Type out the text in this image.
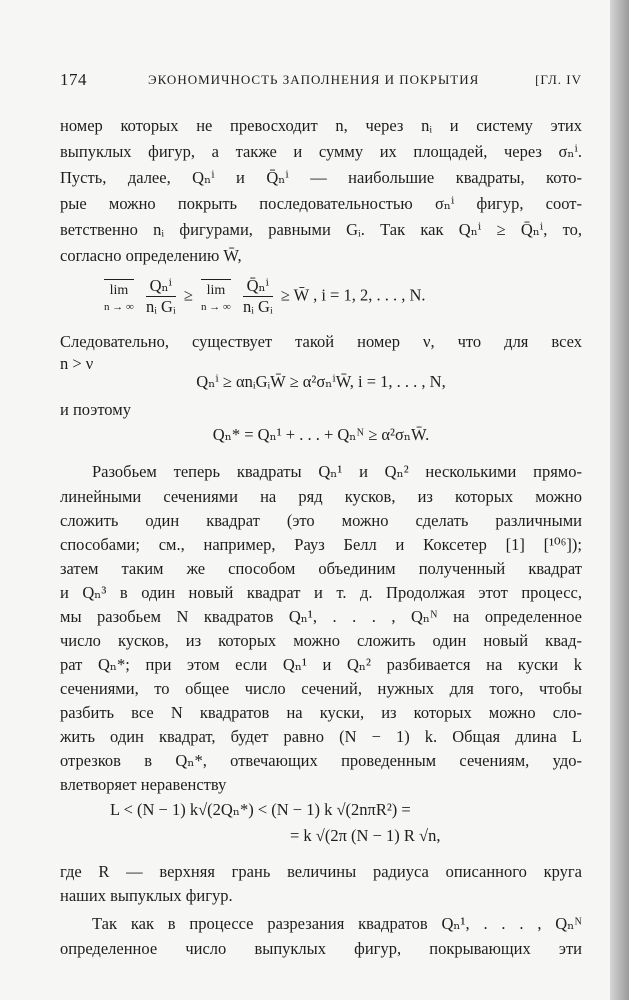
174	ЭКОНОМИЧНОСТЬ ЗАПОЛНЕНИЯ И ПОКРЫТИЯ	[ГЛ. IV
номер которых не превосходит n, через nᵢ и систему этих
выпуклых фигур, а также и сумму их площадей, через σₙⁱ.
Пусть, далее, Qₙⁱ и Q̄ₙⁱ — наибольшие квадраты, кото-
рые можно покрыть последовательностью σₙⁱ фигур, соот-
ветственно nᵢ фигурами, равными Gᵢ. Так как Qₙⁱ ≥ Q̄ₙⁱ, то,
согласно определению W̄,
lim
n → ∞
$\frac{\text{Qₙⁱ}}{\text{nᵢ Gᵢ}} \ge \lim$
n → ∞
$\frac{\text{Q̄ₙⁱ}}{\text{nᵢ Gᵢ}}$ ≥ W̄ , i = 1, 2, . . . , N.
Следовательно, существует такой номер ν, что для всех
n > ν
Qₙⁱ ≥ αnᵢGᵢW̄ ≥ α²σₙⁱW̄, i = 1, . . . , N,
и поэтому
Qₙ* = Qₙ¹ + . . . + Qₙᴺ ≥ α²σₙW̄.
Разобьем теперь квадраты Qₙ¹ и Qₙ² несколькими прямо-
линейными сечениями на ряд кусков, из которых можно
сложить один квадрат (это можно сделать различными
способами; см., например, Рауз Белл и Коксетер [1] [¹⁰⁶]);
затем таким же способом объединим полученный квадрат
и Qₙ³ в один новый квадрат и т. д. Продолжая этот процесс,
мы разобьем N квадратов Qₙ¹, . . . , Qₙᴺ на определенное
число кусков, из которых можно сложить один новый квад-
рат Qₙ*; при этом если Qₙ¹ и Qₙ² разбивается на куски k
сечениями, то общее число сечений, нужных для того, чтобы
разбить все N квадратов на куски, из которых можно сло-
жить один квадрат, будет равно (N − 1) k. Общая длина L
отрезков в Qₙ*, отвечающих проведенным сечениям, удо-
влетворяет неравенству
L < (N − 1) k√(2Qₙ*) < (N − 1) k √(2nπR²) =
= k √(2π (N − 1) R √n,
где R — верхняя грань величины радиуса описанного круга
наших выпуклых фигур.
Так как в процессе разрезания квадратов Qₙ¹, . . . , Qₙᴺ
определенное число выпуклых фигур, покрывающих эти
